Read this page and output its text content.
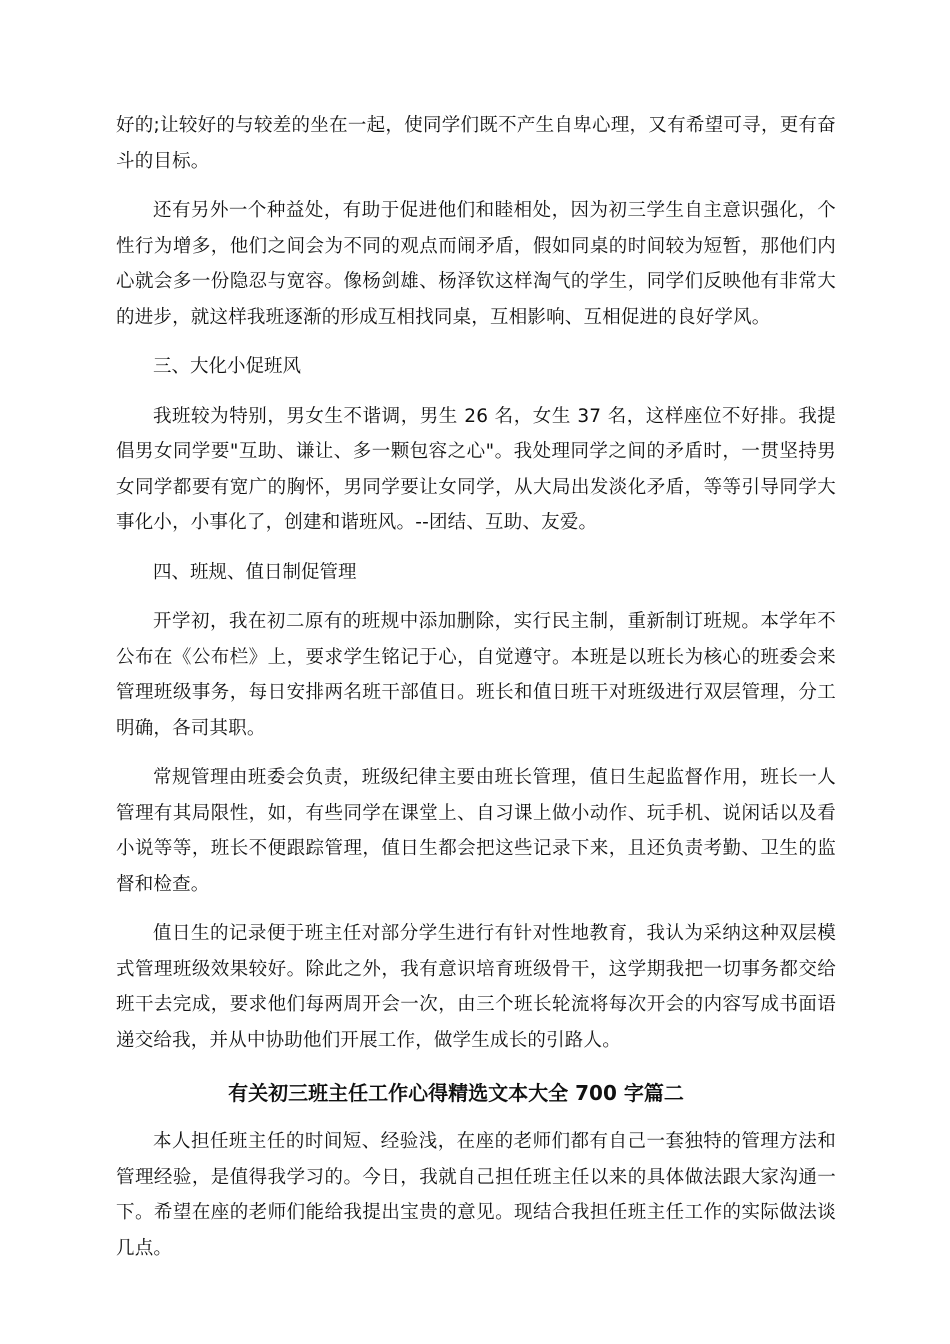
好的;让较好的与较差的坐在一起，使同学们既不产生自卑心理，又有希望可寻，更有奋斗的目标。

还有另外一个种益处，有助于促进他们和睦相处，因为初三学生自主意识强化，个性行为增多，他们之间会为不同的观点而闹矛盾，假如同桌的时间较为短暂，那他们内心就会多一份隐忍与宽容。像杨剑雄、杨泽钦这样淘气的学生，同学们反映他有非常大的进步，就这样我班逐渐的形成互相找同桌，互相影响、互相促进的良好学风。

三、大化小促班风

我班较为特别，男女生不谐调，男生 26 名，女生 37 名，这样座位不好排。我提倡男女同学要"互助、谦让、多一颗包容之心"。我处理同学之间的矛盾时，一贯坚持男女同学都要有宽广的胸怀，男同学要让女同学，从大局出发淡化矛盾，等等引导同学大事化小，小事化了，创建和谐班风。--团结、互助、友爱。

四、班规、值日制促管理

开学初，我在初二原有的班规中添加删除，实行民主制，重新制订班规。本学年不公布在《公布栏》上，要求学生铭记于心，自觉遵守。本班是以班长为核心的班委会来管理班级事务，每日安排两名班干部值日。班长和值日班干对班级进行双层管理，分工明确，各司其职。

常规管理由班委会负责，班级纪律主要由班长管理，值日生起监督作用，班长一人管理有其局限性，如，有些同学在课堂上、自习课上做小动作、玩手机、说闲话以及看小说等等，班长不便跟踪管理，值日生都会把这些记录下来，且还负责考勤、卫生的监督和检查。

值日生的记录便于班主任对部分学生进行有针对性地教育，我认为采纳这种双层模式管理班级效果较好。除此之外，我有意识培育班级骨干，这学期我把一切事务都交给班干去完成，要求他们每两周开会一次，由三个班长轮流将每次开会的内容写成书面语递交给我，并从中协助他们开展工作，做学生成长的引路人。

有关初三班主任工作心得精选文本大全 700 字篇二

本人担任班主任的时间短、经验浅，在座的老师们都有自己一套独特的管理方法和管理经验，是值得我学习的。今日，我就自己担任班主任以来的具体做法跟大家沟通一下。希望在座的老师们能给我提出宝贵的意见。现结合我担任班主任工作的实际做法谈几点。
